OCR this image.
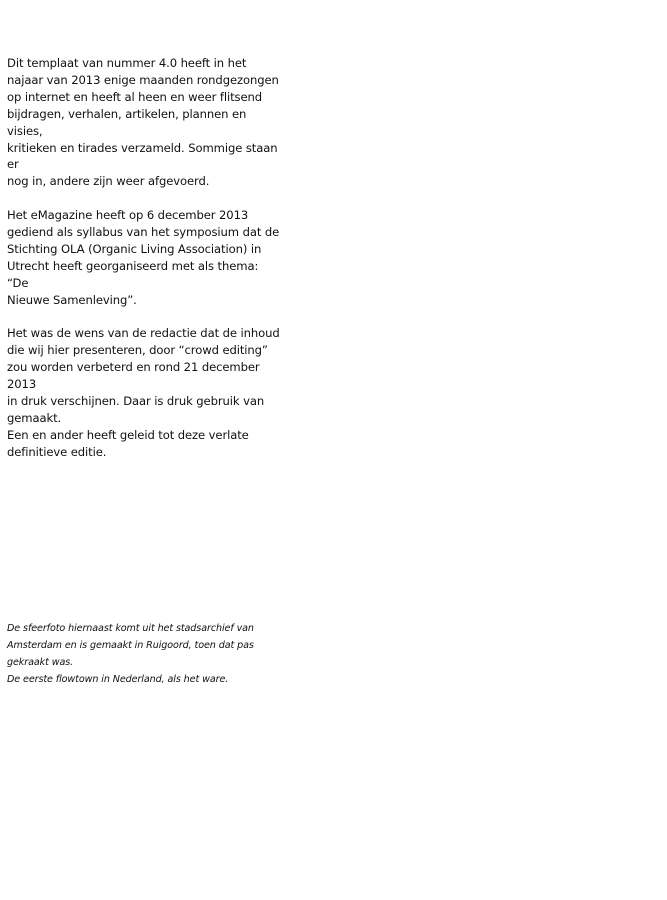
Dit templaat van nummer 4.0 heeft in het
najaar van 2013 enige maanden rondgezongen
op internet en heeft al heen en weer flitsend
bijdragen, verhalen, artikelen, plannen en visies,
kritieken en tirades verzameld. Sommige staan er
nog in, andere zijn weer afgevoerd.

Het eMagazine heeft op 6 december 2013
gediend als syllabus van het symposium dat de
Stichting OLA (Organic Living Association) in
Utrecht heeft georganiseerd met als thema: “De
Nieuwe Samenleving”.

Het was de wens van de redactie dat de inhoud
die wij hier presenteren, door “crowd editing”
zou worden verbeterd en rond 21 december 2013
in druk verschijnen. Daar is druk gebruik van
gemaakt.

Een en ander heeft geleid tot deze verlate
definitieve editie.

De sfeerfoto hiernaast komt uit het stadsarchief van
Amsterdam en is gemaakt in Ruigoord, toen dat pas
gekraakt was.

De eerste flowtown in Nederland, als het ware.
